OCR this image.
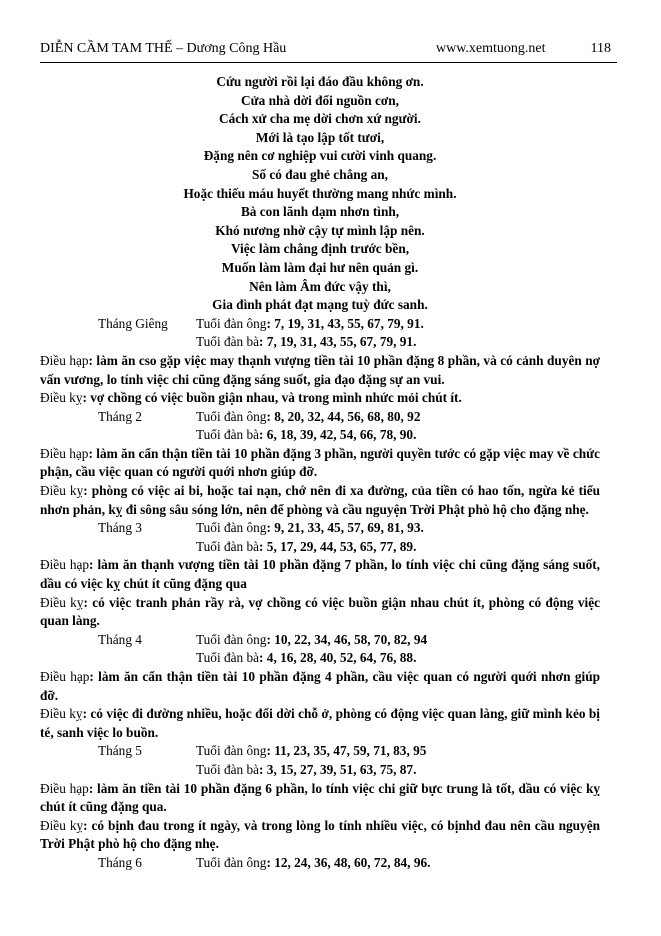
DIỄN CẦM TAM THẾ – Dương Công Hầu	www.xemtuong.net	118
Cứu người rồi lại đáo đầu không ơn.
Cửa nhà dời đổi nguồn cơn,
Cách xử cha mẹ dời chơn xứ người.
Mới là tạo lập tốt tươi,
Đặng nên cơ nghiệp vui cười vinh quang.
Số có đau ghẻ chẳng an,
Hoặc thiếu máu huyết thường mang nhức mình.
Bà con lãnh dạm nhơn tình,
Khó nương nhờ cậy tự mình lập nên.
Việc làm chẳng định trước bền,
Muốn làm làm đại hư nên quản gì.
Nên làm Âm đức vậy thì,
Gia đình phát đạt mạng tuỳ đức sanh.
Tháng Giêng Tuổi đàn ông: 7, 19, 31, 43, 55, 67, 79, 91.
Tuổi đàn bà: 7, 19, 31, 43, 55, 67, 79, 91.
Điều hạp: làm ăn cso gặp việc may thạnh vượng tiền tài 10 phần đặng 8 phần, và có cảnh duyên nợ vấn vương, lo tính việc chi cũng đặng sáng suốt, gia đạo đặng sự an vui.
Điều kỵ: vợ chồng có việc buồn giận nhau, và trong mình nhức mỏi chút ít.
Tháng 2	Tuổi đàn ông: 8, 20, 32, 44, 56, 68, 80, 92
Tuổi đàn bà: 6, 18, 39, 42, 54, 66, 78, 90.
Điều hạp: làm ăn cẩn thận tiền tài 10 phần đặng 3 phần, người quyền tước có gặp việc may về chức phận, cầu việc quan có người quới nhơn giúp đỡ.
Điều kỵ: phòng có việc ai bi, hoặc tai nạn, chớ nên đi xa đường, của tiền có hao tốn, ngừa kẻ tiểu nhơn phản, kỵ đi sông sâu sóng lớn, nên để phòng và cầu nguyện Trời Phật phò hộ cho đặng nhẹ.
Tháng 3	Tuổi đàn ông: 9, 21, 33, 45, 57, 69, 81, 93.
Tuổi đàn bà: 5, 17, 29, 44, 53, 65, 77, 89.
Điều hạp: làm ăn thạnh vượng tiền tài 10 phần đặng 7 phần, lo tính việc chi cũng đặng sáng suốt, dầu có việc kỵ chút ít cũng đặng qua
Điều kỵ: có việc tranh phản rầy rà, vợ chồng có việc buồn giận nhau chút ít, phòng có động việc quan làng.
Tháng 4	Tuổi đàn ông: 10, 22, 34, 46, 58, 70, 82, 94
Tuổi đàn bà: 4, 16, 28, 40, 52, 64, 76, 88.
Điều hạp: làm ăn cẩn thận tiền tài 10 phần đặng 4 phần, cầu việc quan có người quới nhơn giúp đỡ.
Điều kỵ: có việc đi đường nhiều, hoặc đổi dời chỗ ở, phòng có động việc quan làng, giữ mình kẻo bị té, sanh việc lo buồn.
Tháng 5	Tuổi đàn ông: 11, 23, 35, 47, 59, 71, 83, 95
Tuổi đàn bà: 3, 15, 27, 39, 51, 63, 75, 87.
Điều hạp: làm ăn tiền tài 10 phần đặng 6 phần, lo tính việc chi giữ bực trung là tốt, dầu có việc kỵ chút ít cũng đặng qua.
Điều kỵ: có bịnh đau trong ít ngày, và trong lòng lo tính nhiều việc, có bịnhd đau nên cầu nguyện Trời Phật phò hộ cho đặng nhẹ.
Tháng 6	Tuổi đàn ông: 12, 24, 36, 48, 60, 72, 84, 96.
